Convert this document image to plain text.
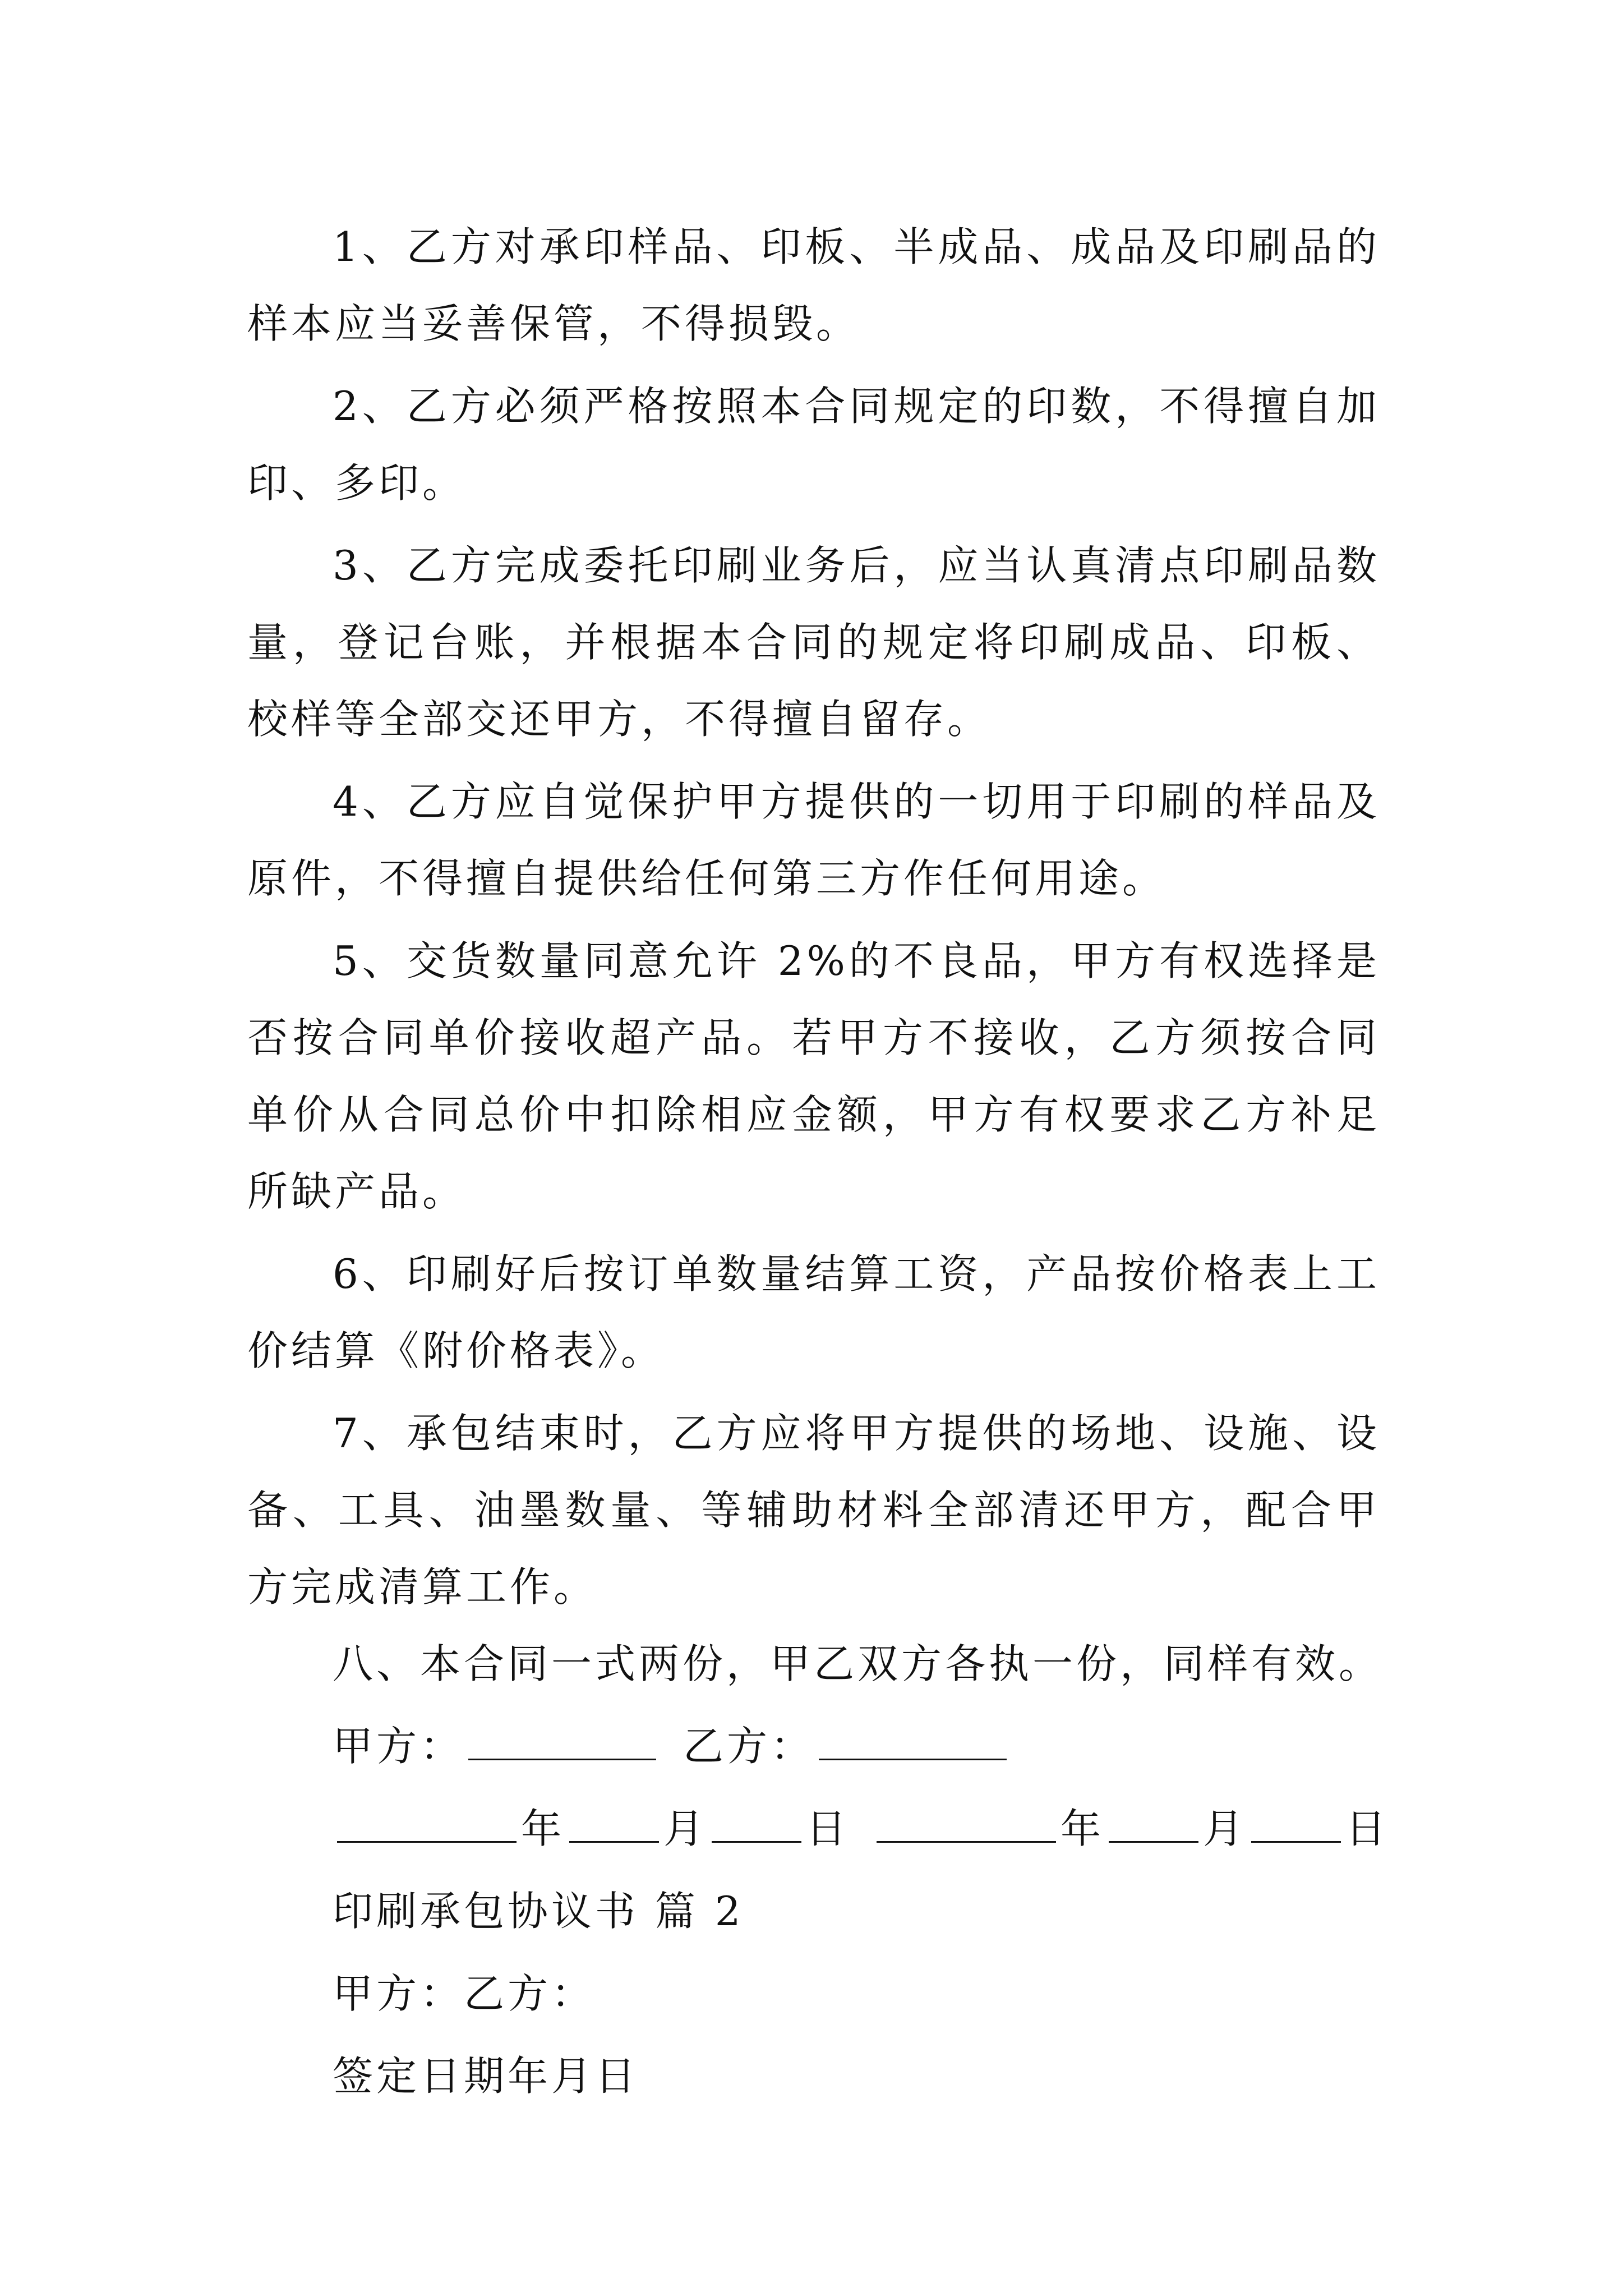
1、乙方对承印样品、印板、半成品、成品及印刷品的样本应当妥善保管，不得损毁。

2、乙方必须严格按照本合同规定的印数，不得擅自加印、多印。

3、乙方完成委托印刷业务后，应当认真清点印刷品数量，登记台账，并根据本合同的规定将印刷成品、印板、校样等全部交还甲方，不得擅自留存。

4、乙方应自觉保护甲方提供的一切用于印刷的样品及原件，不得擅自提供给任何第三方作任何用途。

5、交货数量同意允许 2%的不良品，甲方有权选择是否按合同单价接收超产品。若甲方不接收，乙方须按合同单价从合同总价中扣除相应金额，甲方有权要求乙方补足所缺产品。

6、印刷好后按订单数量结算工资，产品按价格表上工价结算《附价格表》。

7、承包结束时，乙方应将甲方提供的场地、设施、设备、工具、油墨数量、等辅助材料全部清还甲方，配合甲方完成清算工作。

八、本合同一式两份，甲乙双方各执一份，同样有效。

甲方：	乙方：

年 月 日	年 月 日

印刷承包协议书 篇 2

甲方：乙方：

签定日期年月日
